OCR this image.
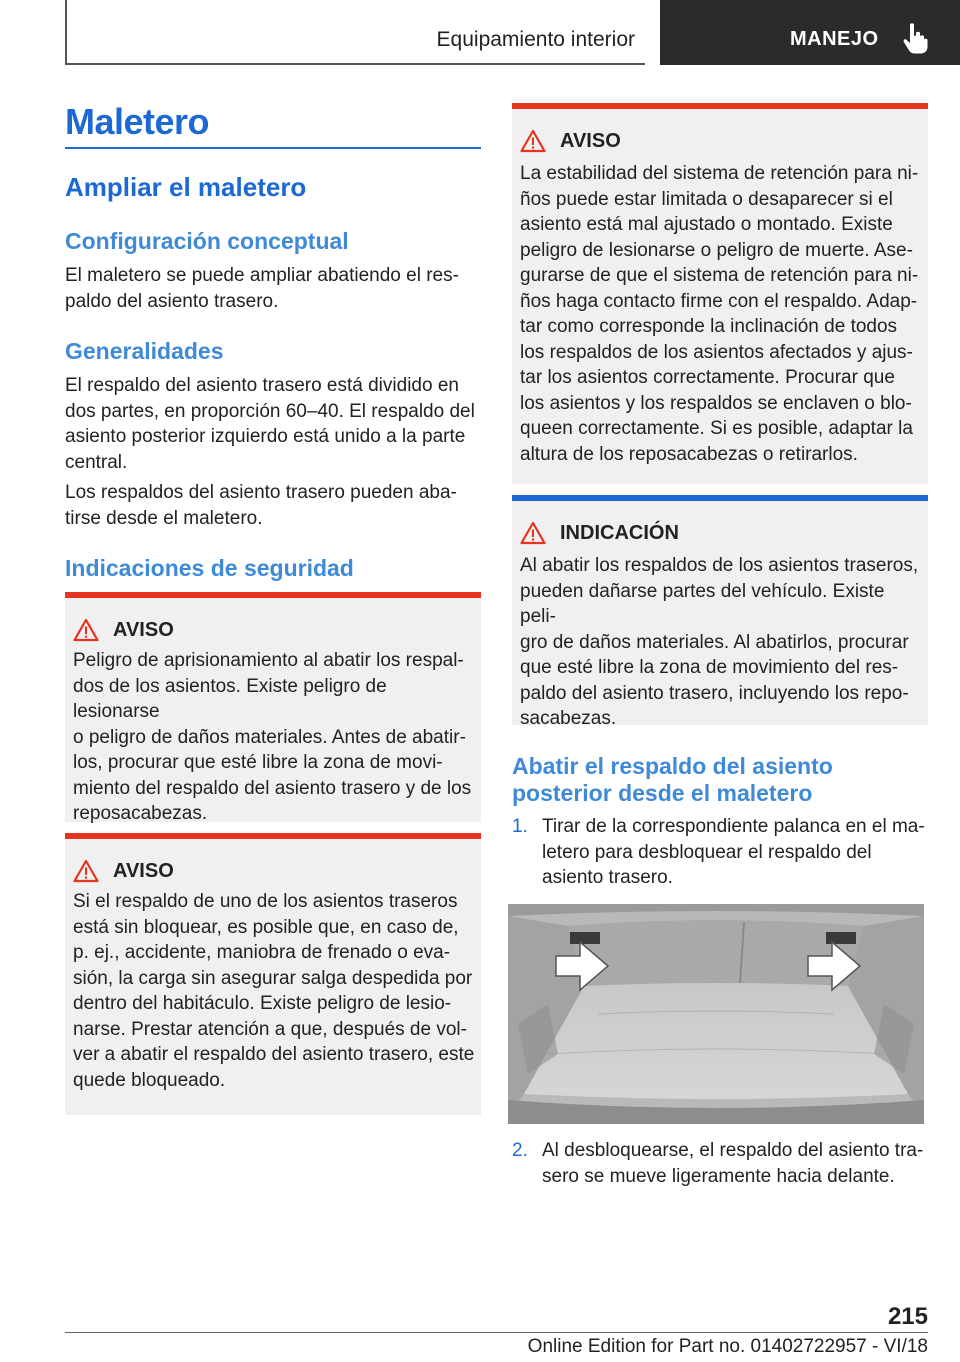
Equipamiento interior	MANEJO
Maletero
Ampliar el maletero
Configuración conceptual

El maletero se puede ampliar abatiendo el res-
paldo del asiento trasero.

Generalidades

El respaldo del asiento trasero está dividido en
dos partes, en proporción 60–40. El respaldo del
asiento posterior izquierdo está unido a la parte
central.

Los respaldos del asiento trasero pueden aba-
tirse desde el maletero.

Indicaciones de seguridad
AVISO

Peligro de aprisionamiento al abatir los respal-
dos de los asientos. Existe peligro de lesionarse
o peligro de daños materiales. Antes de abatir-
los, procurar que esté libre la zona de movi-
miento del respaldo del asiento trasero y de los
reposacabezas.

AVISO

Si el respaldo de uno de los asientos traseros
está sin bloquear, es posible que, en caso de,
p. ej., accidente, maniobra de frenado o eva-
sión, la carga sin asegurar salga despedida por
dentro del habitáculo. Existe peligro de lesio-
narse. Prestar atención a que, después de vol-
ver a abatir el respaldo del asiento trasero, este
quede bloqueado.

AVISO

La estabilidad del sistema de retención para ni-
ños puede estar limitada o desaparecer si el
asiento está mal ajustado o montado. Existe
peligro de lesionarse o peligro de muerte. Ase-
gurarse de que el sistema de retención para ni-
ños haga contacto firme con el respaldo. Adap-
tar como corresponde la inclinación de todos
los respaldos de los asientos afectados y ajus-
tar los asientos correctamente. Procurar que
los asientos y los respaldos se enclaven o blo-
queen correctamente. Si es posible, adaptar la
altura de los reposacabezas o retirarlos.

INDICACIÓN

Al abatir los respaldos de los asientos traseros,
pueden dañarse partes del vehículo. Existe peli-
gro de daños materiales. Al abatirlos, procurar
que esté libre la zona de movimiento del res-
paldo del asiento trasero, incluyendo los repo-
sacabezas.

Abatir el respaldo del asiento
posterior desde el maletero
1. Tirar de la correspondiente palanca en el ma-
letero para desbloquear el respaldo del
asiento trasero.

2. Al desbloquearse, el respaldo del asiento tra-
sero se mueve ligeramente hacia delante.

215
Online Edition for Part no. 01402722957 - VI/18
